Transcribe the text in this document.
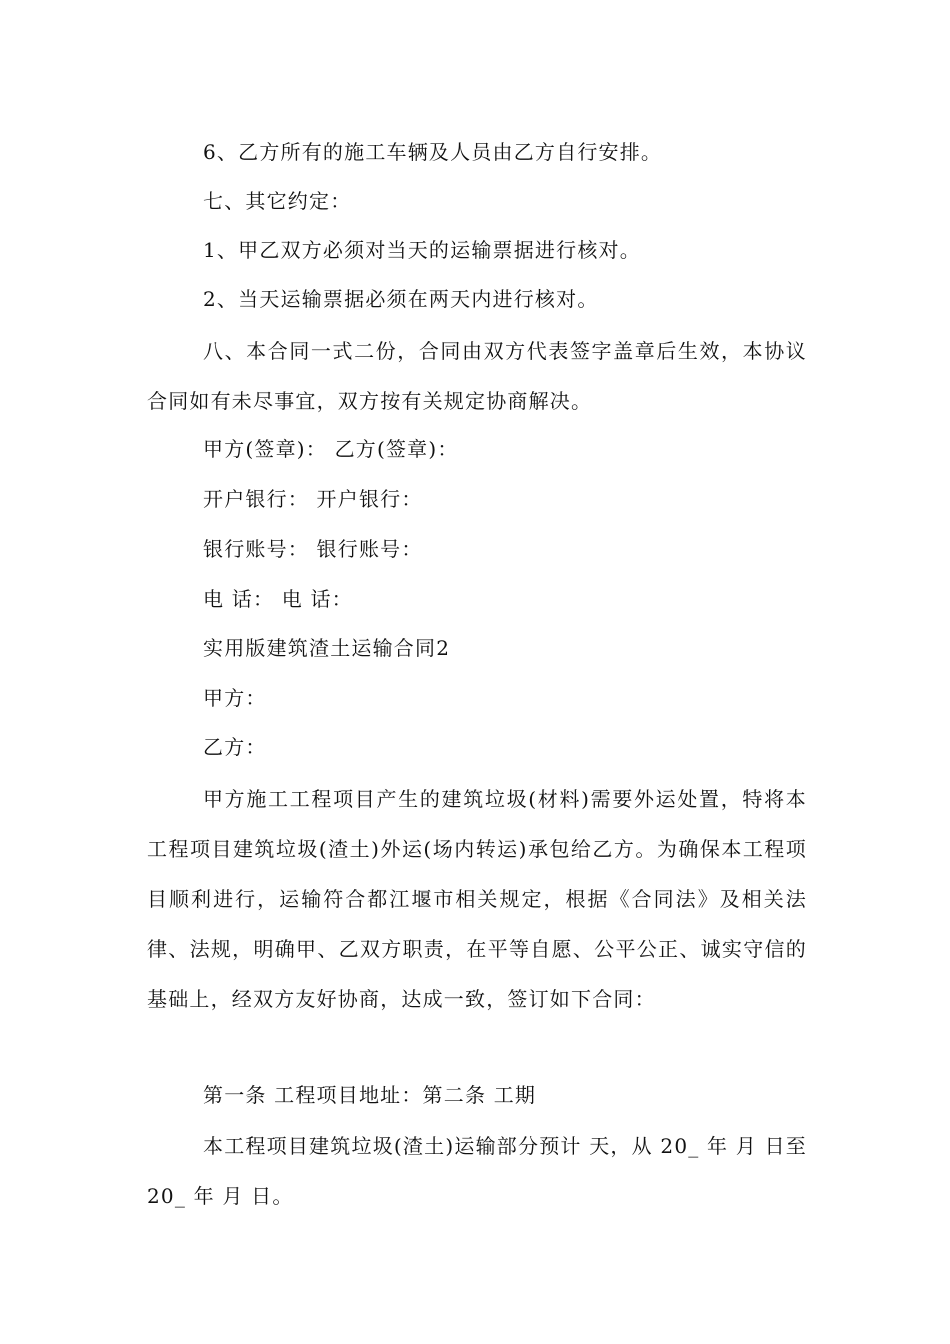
6、乙方所有的施工车辆及人员由乙方自行安排。

七、其它约定：

1、甲乙双方必须对当天的运输票据进行核对。

2、当天运输票据必须在两天内进行核对。

八、本合同一式二份，合同由双方代表签字盖章后生效，本协议合同如有未尽事宜，双方按有关规定协商解决。

甲方(签章)： 乙方(签章)：

开户银行： 开户银行：

银行账号： 银行账号：

电 话： 电 话：

实用版建筑渣土运输合同2

甲方：

乙方：

甲方施工工程项目产生的建筑垃圾(材料)需要外运处置，特将本工程项目建筑垃圾(渣土)外运(场内转运)承包给乙方。为确保本工程项目顺利进行，运输符合都江堰市相关规定，根据《合同法》及相关法律、法规，明确甲、乙双方职责，在平等自愿、公平公正、诚实守信的基础上，经双方友好协商，达成一致，签订如下合同：

第一条 工程项目地址：第二条 工期

本工程项目建筑垃圾(渣土)运输部分预计 天，从 20_ 年 月 日至 20_ 年 月 日。
